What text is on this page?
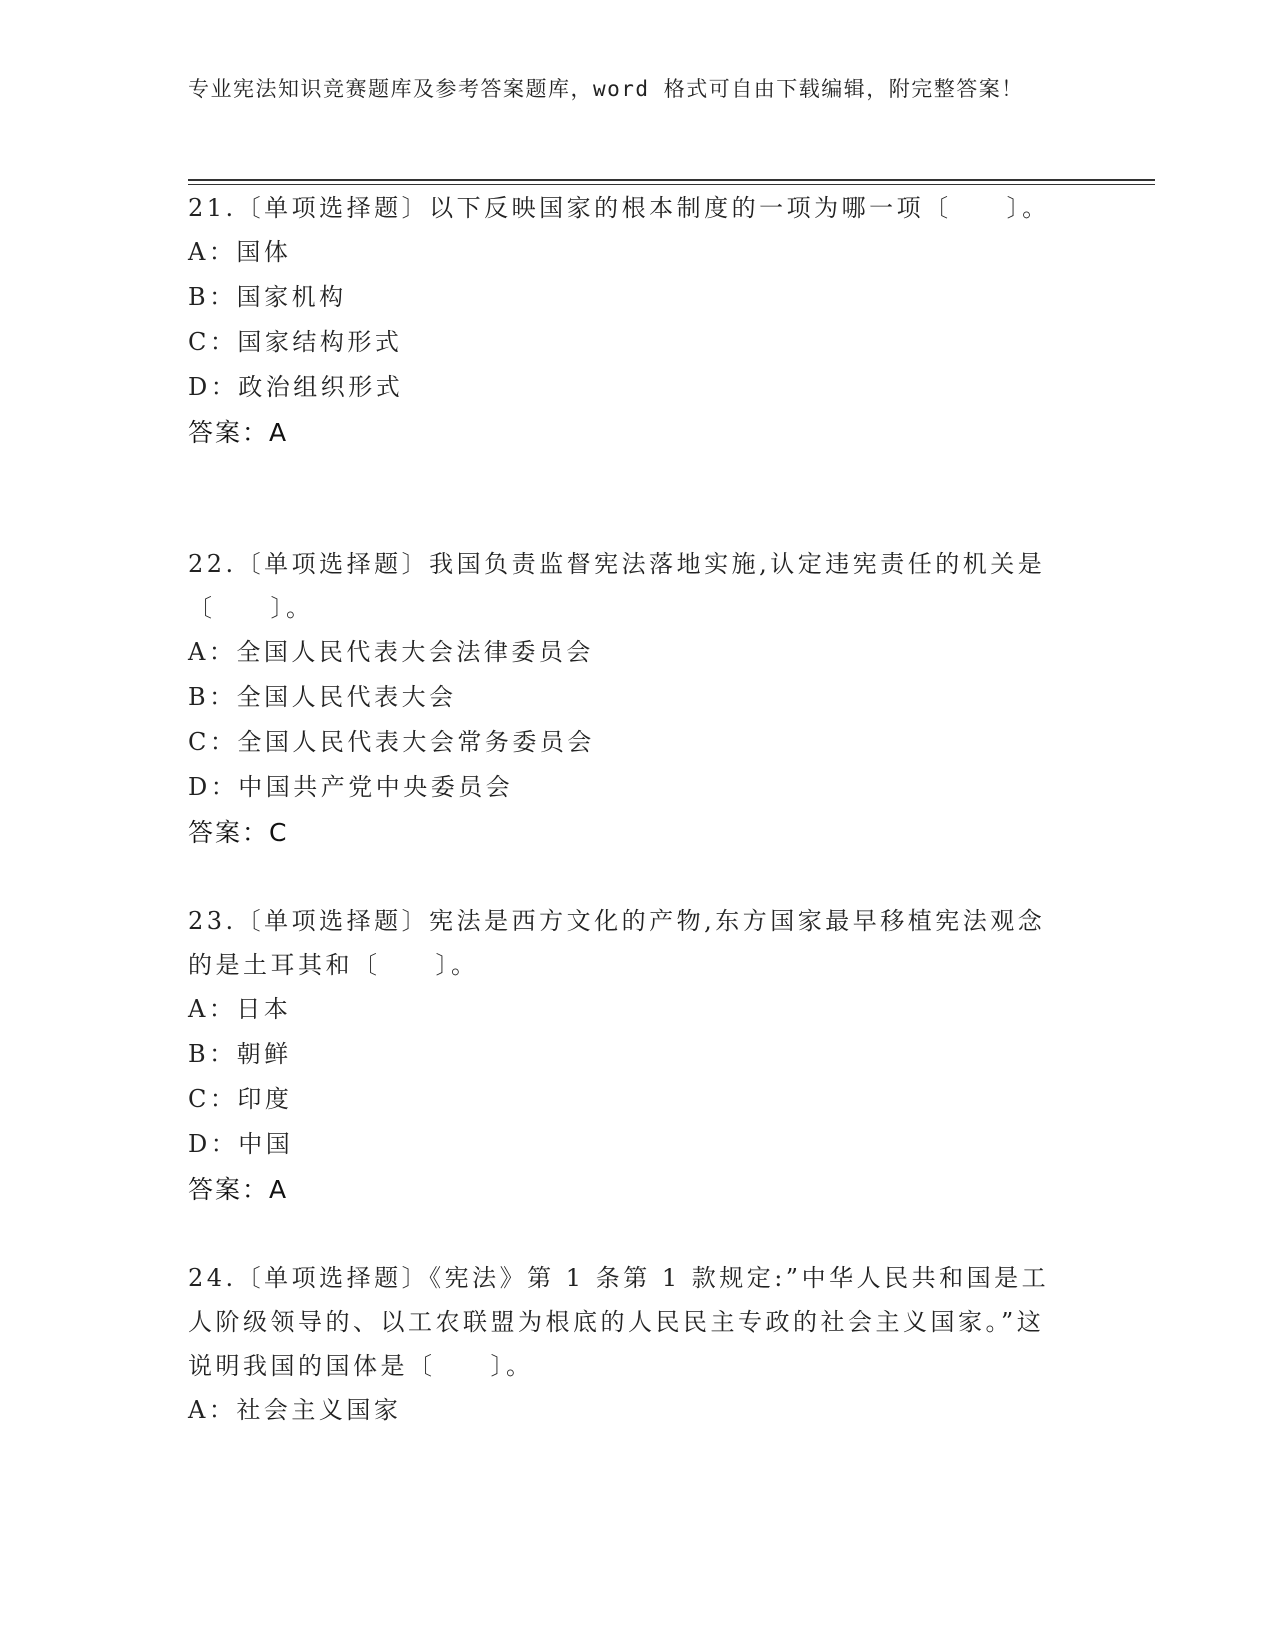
专业宪法知识竞赛题库及参考答案题库，word 格式可自由下载编辑，附完整答案！
21.〔单项选择题〕以下反映国家的根本制度的一项为哪一项〔　　〕。
A：国体
B：国家机构
C：国家结构形式
D：政治组织形式
答案：A
22.〔单项选择题〕我国负责监督宪法落地实施,认定违宪责任的机关是〔　　〕。
A：全国人民代表大会法律委员会
B：全国人民代表大会
C：全国人民代表大会常务委员会
D：中国共产党中央委员会
答案：C
23.〔单项选择题〕宪法是西方文化的产物,东方国家最早移植宪法观念的是土耳其和〔　　〕。
A：日本
B：朝鲜
C：印度
D：中国
答案：A
24.〔单项选择题〕《宪法》第 1 条第 1 款规定:”中华人民共和国是工人阶级领导的、以工农联盟为根底的人民民主专政的社会主义国家。”这说明我国的国体是〔　　〕。
A：社会主义国家
